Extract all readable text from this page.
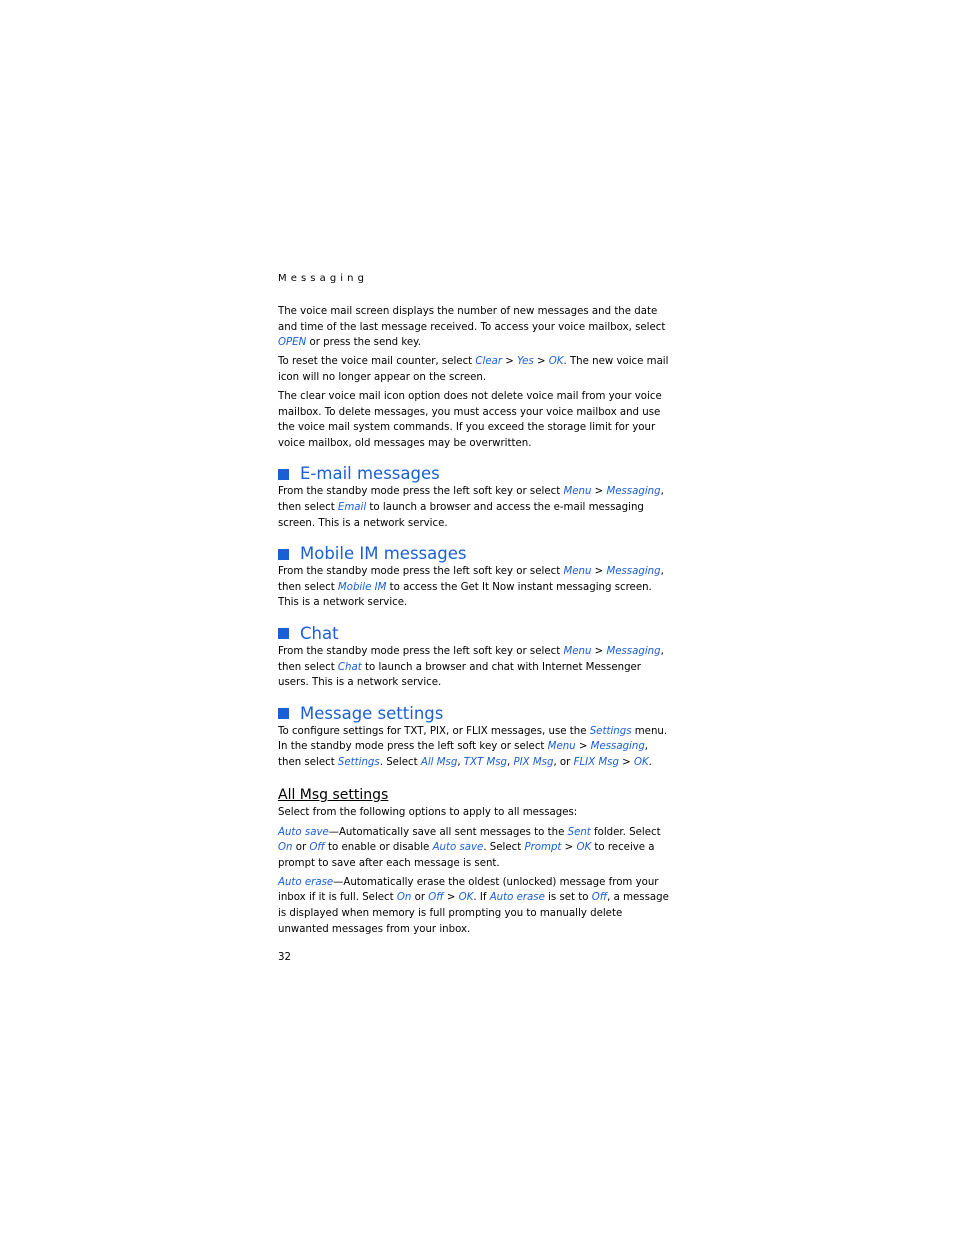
Messaging

The voice mail screen displays the number of new messages and the date and time of the last message received. To access your voice mailbox, select OPEN or press the send key.

To reset the voice mail counter, select Clear > Yes > OK. The new voice mail icon will no longer appear on the screen.

The clear voice mail icon option does not delete voice mail from your voice mailbox. To delete messages, you must access your voice mailbox and use the voice mail system commands. If you exceed the storage limit for your voice mailbox, old messages may be overwritten.

E-mail messages

From the standby mode press the left soft key or select Menu > Messaging, then select Email to launch a browser and access the e-mail messaging screen. This is a network service.

Mobile IM messages

From the standby mode press the left soft key or select Menu > Messaging, then select Mobile IM to access the Get It Now instant messaging screen. This is a network service.

Chat

From the standby mode press the left soft key or select Menu > Messaging, then select Chat to launch a browser and chat with Internet Messenger users. This is a network service.

Message settings

To configure settings for TXT, PIX, or FLIX messages, use the Settings menu. In the standby mode press the left soft key or select Menu > Messaging, then select Settings. Select All Msg, TXT Msg, PIX Msg, or FLIX Msg > OK.

All Msg settings

Select from the following options to apply to all messages:

Auto save—Automatically save all sent messages to the Sent folder. Select On or Off to enable or disable Auto save. Select Prompt > OK to receive a prompt to save after each message is sent.

Auto erase—Automatically erase the oldest (unlocked) message from your inbox if it is full. Select On or Off > OK. If Auto erase is set to Off, a message is displayed when memory is full prompting you to manually delete unwanted messages from your inbox.

32
